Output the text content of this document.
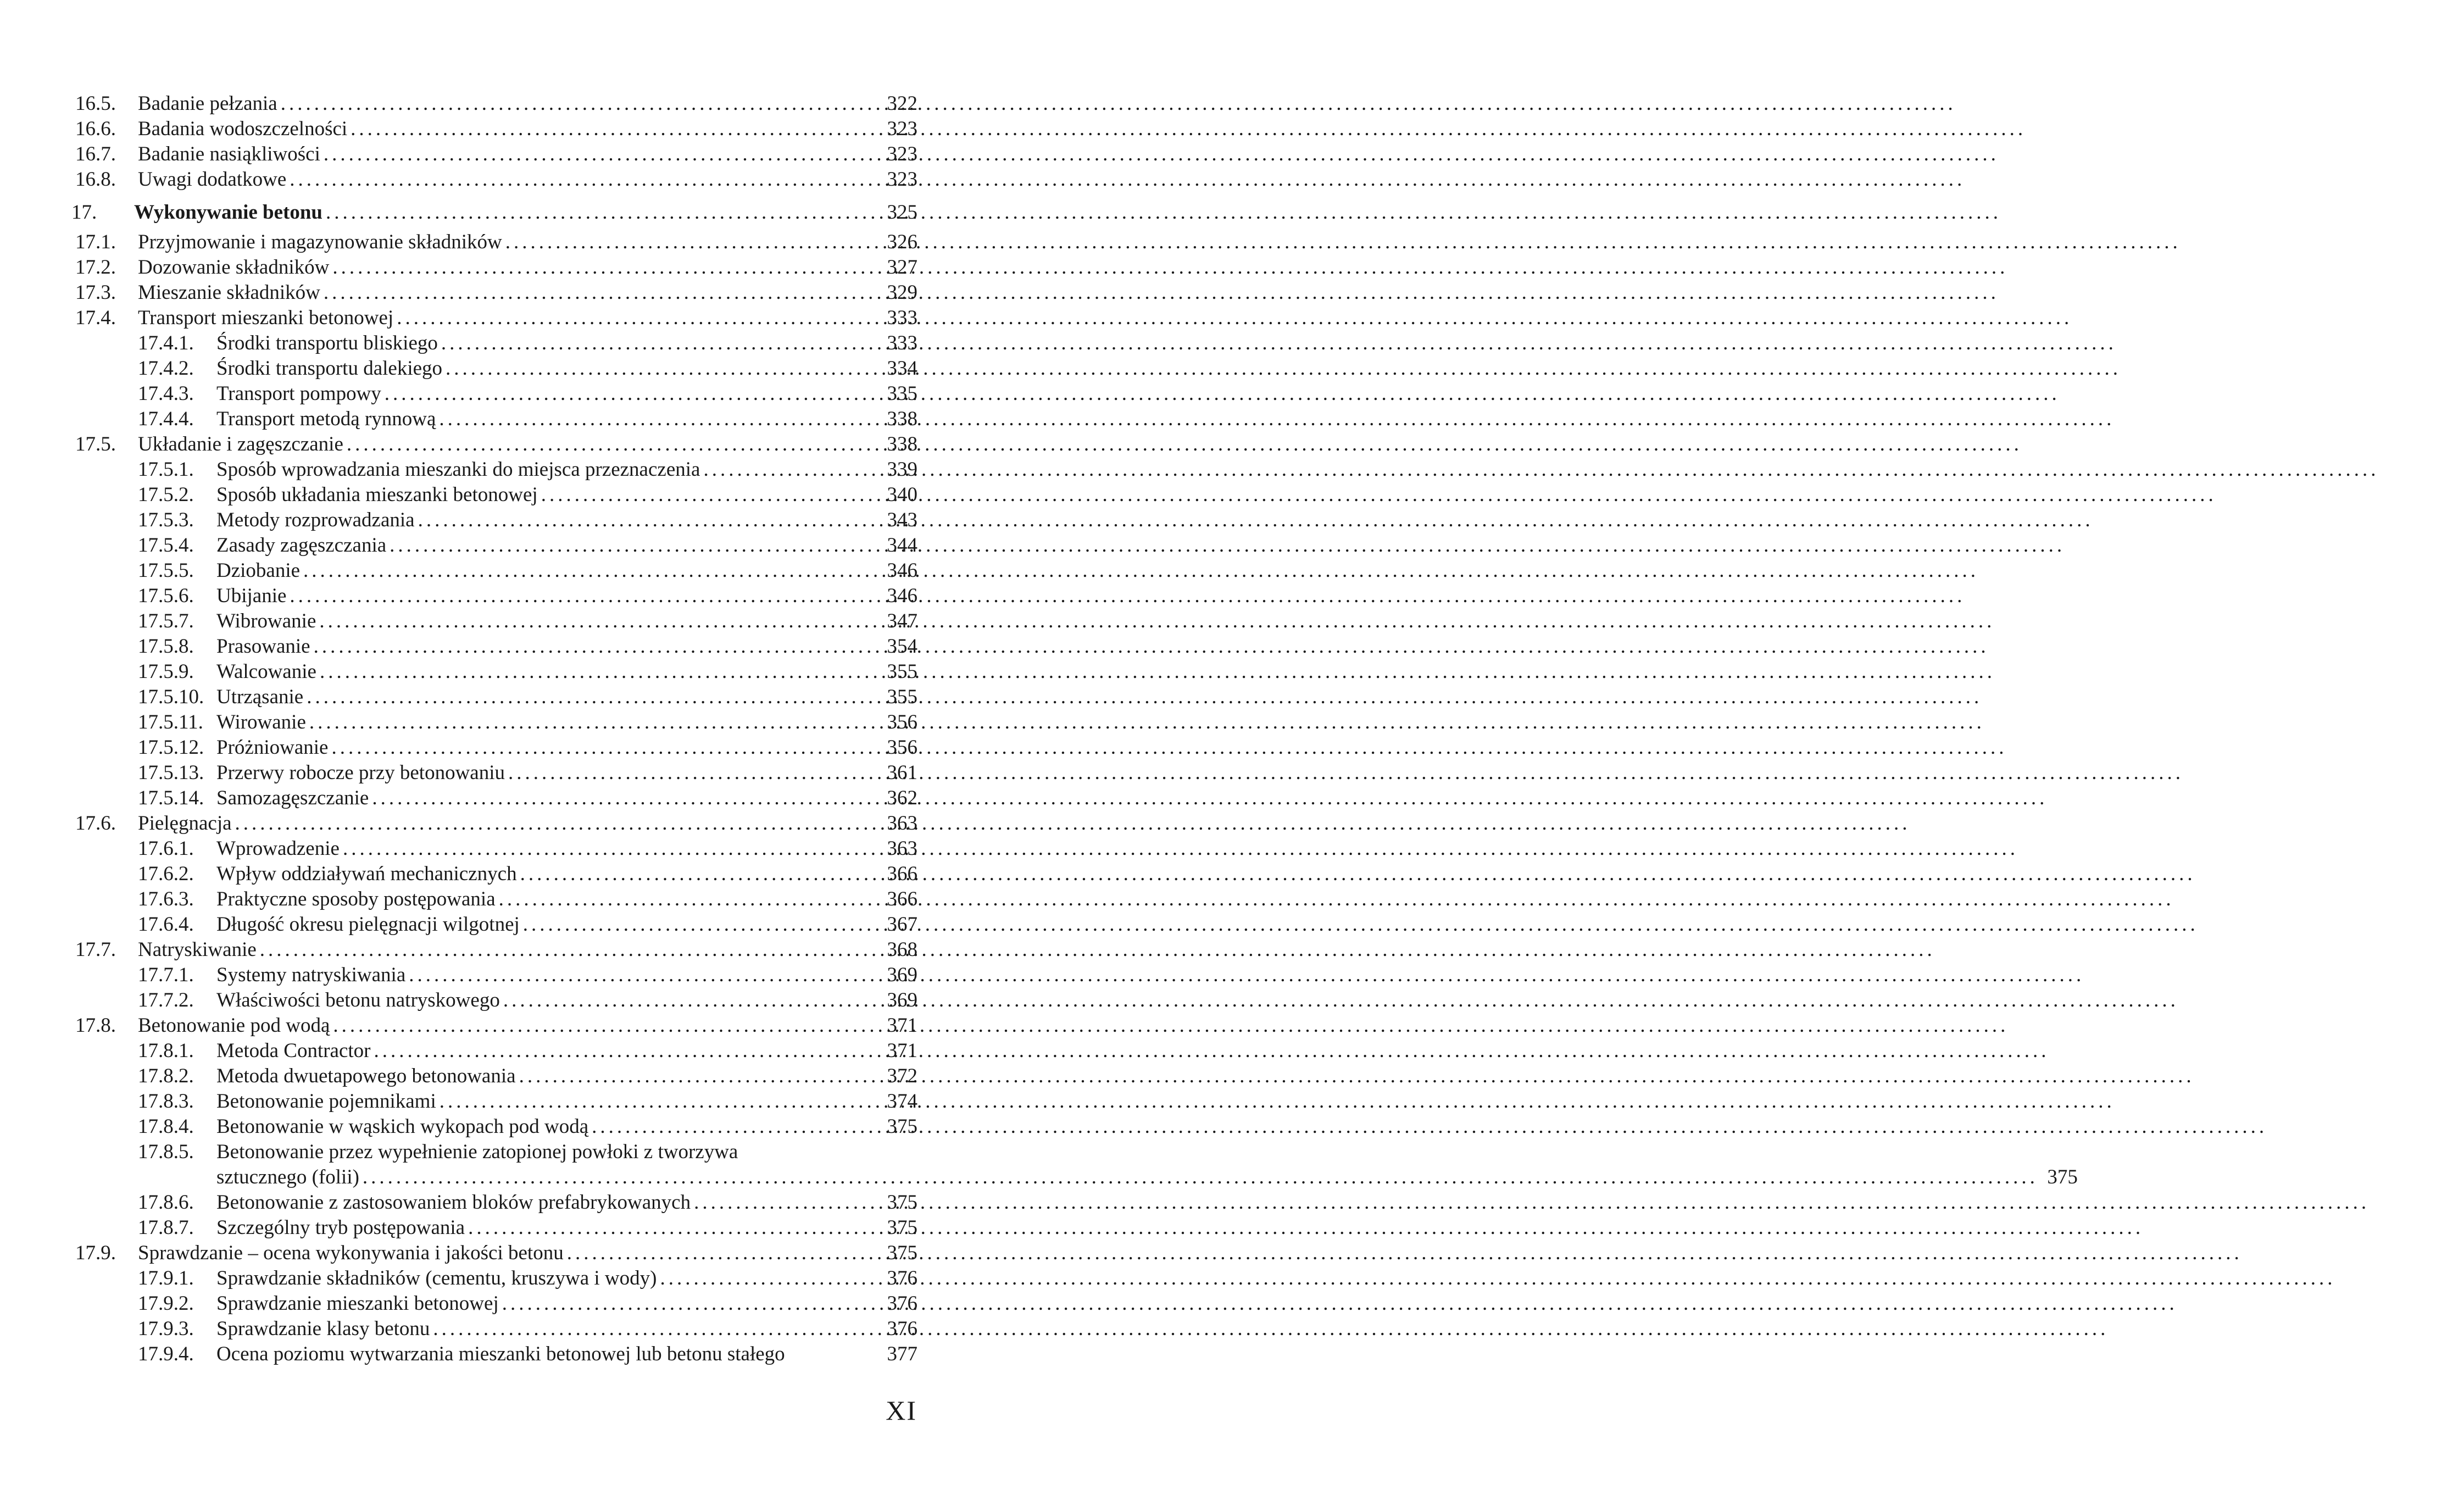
16.5.	Badanie pełzania
.....	322
16.6.	Badania wodoszczelności
.....	323
16.7.	Badanie nasiąkliwości
.....	323
16.8.	Uwagi dodatkowe
.....	323
17.	Wykonywanie betonu
.....	325
17.1.	Przyjmowanie i magazynowanie składników
.....	326
17.2.	Dozowanie składników
.....	327
17.3.	Mieszanie składników
.....	329
17.4.	Transport mieszanki betonowej
.....	333
17.4.1.	Środki transportu bliskiego
.....	333
17.4.2.	Środki transportu dalekiego
.....	334
17.4.3.	Transport pompowy
.....	335
17.4.4.	Transport metodą rynnową
.....	338
17.5.	Układanie i zagęszczanie
.....	338
17.5.1.	Sposób wprowadzania mieszanki do miejsca przeznaczenia
.....	339
17.5.2.	Sposób układania mieszanki betonowej
.....	340
17.5.3.	Metody rozprowadzania
.....	343
17.5.4.	Zasady zagęszczania
.....	344
17.5.5.	Dziobanie
.....	346
17.5.6.	Ubijanie
.....	346
17.5.7.	Wibrowanie
.....	347
17.5.8.	Prasowanie
.....	354
17.5.9.	Walcowanie
.....	355
17.5.10. Utrząsanie
.....	355
17.5.11. Wirowanie
.....	356
17.5.12. Próżniowanie
.....	356
17.5.13. Przerwy robocze przy betonowaniu
.....	361
17.5.14. Samozagęszczanie
.....	362
17.6.	Pielęgnacja
.....	363
17.6.1.	Wprowadzenie
.....	363
17.6.2.	Wpływ oddziaływań mechanicznych
.....	366
17.6.3.	Praktyczne sposoby postępowania
.....	366
17.6.4.	Długość okresu pielęgnacji wilgotnej
.....	367
17.7.	Natryskiwanie
.....	368
17.7.1.	Systemy natryskiwania
.....	369
17.7.2.	Właściwości betonu natryskowego
.....	369
17.8.	Betonowanie pod wodą
.....	371
17.8.1.	Metoda Contractor
.....	371
17.8.2.	Metoda dwuetapowego betonowania
.....	372
17.8.3.	Betonowanie pojemnikami
.....	374
17.8.4.	Betonowanie w wąskich wykopach pod wodą
.....	375
17.8.5.	Betonowanie przez wypełnienie zatopionej powłoki z tworzywa
sztucznego (folii)
.....	375
17.8.6.	Betonowanie z zastosowaniem bloków prefabrykowanych
.....	375
17.8.7.	Szczególny tryb postępowania
.....	375
17.9.	Sprawdzanie – ocena wykonywania i jakości betonu
.....	375
17.9.1.	Sprawdzanie składników (cementu, kruszywa i wody)
.....	376
17.9.2.	Sprawdzanie mieszanki betonowej
.....	376
17.9.3.	Sprawdzanie klasy betonu
.....	376
17.9.4.	Ocena poziomu wytwarzania mieszanki betonowej lub betonu stałego	377
XI
